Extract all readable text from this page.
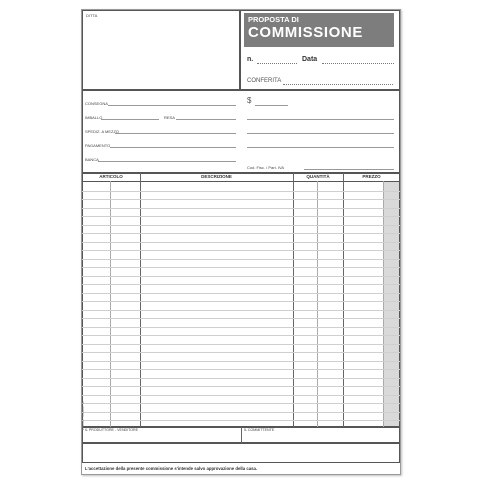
DITTA	PROPOSTA DI
COMMISSIONE
n.	Data
CONFERITA
CONSEGNA
IMBALLO	RESA
SPEDIZ. A MEZZO
PAGAMENTO
BANCA
$
Cod. Fisc. / Part. IVA
ARTICOLO	DESCRIZIONE	QUANTITÀ	PREZZO
IL PRODUTTORE - VENDITORE	IL COMMITTENTE
L'accettazione della presente commissione s'intende salvo approvazione della casa.
EDIPRO · DU1660 · 16
